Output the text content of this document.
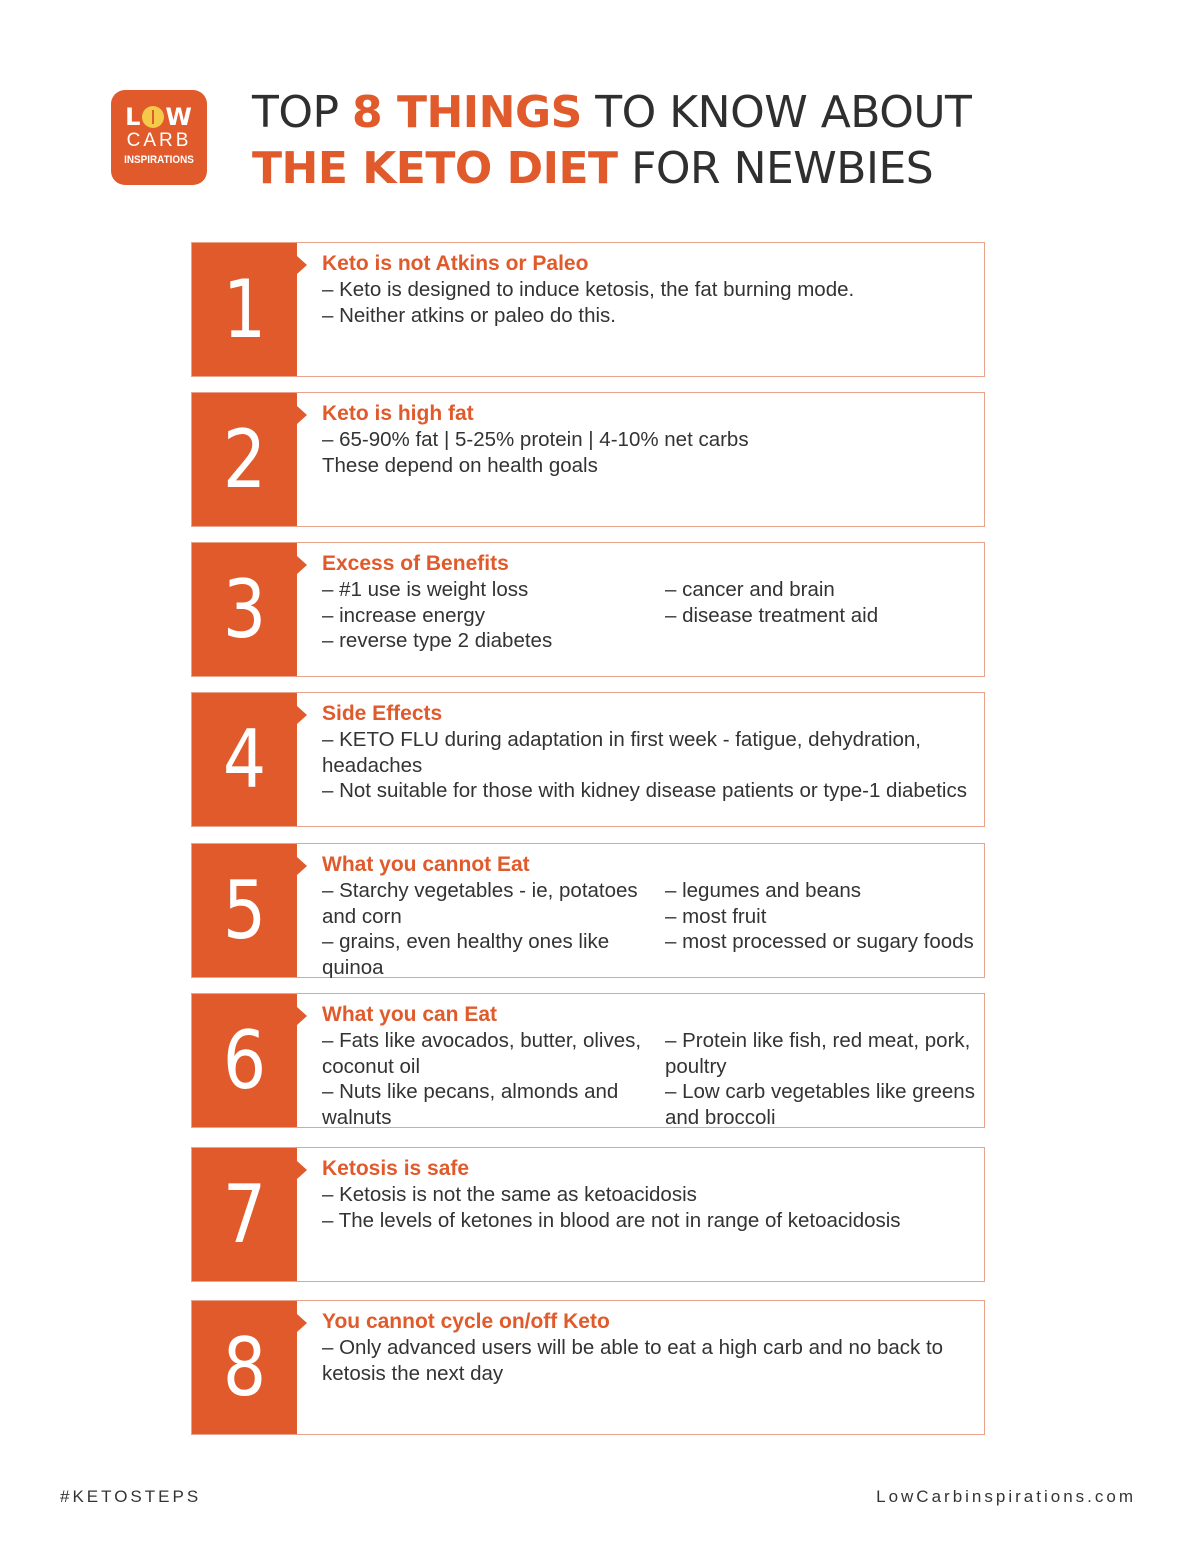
L W
CARB
INSPIRATIONS
TOP 8 THINGS TO KNOW ABOUT
THE KETO DIET FOR NEWBIES
1	Keto is not Atkins or Paleo
– Keto is designed to induce ketosis, the fat burning mode.
– Neither atkins or paleo do this.
2	Keto is high fat
– 65-90% fat | 5-25% protein | 4-10% net carbs
These depend on health goals
3	Excess of Benefits
– #1 use is weight loss
– increase energy
– reverse type 2 diabetes
– cancer and brain
– disease treatment aid
4	Side Effects
– KETO FLU during adaptation in first week - fatigue, dehydration, headaches
– Not suitable for those with kidney disease patients or type-1 diabetics
5	What you cannot Eat
– Starchy vegetables - ie, potatoes and corn
– grains, even healthy ones like quinoa
– legumes and beans
– most fruit
– most processed or sugary foods
6	What you can Eat
– Fats like avocados, butter, olives, coconut oil
– Nuts like pecans, almonds and walnuts
– Protein like fish, red meat, pork, poultry
– Low carb vegetables like greens and broccoli
7	Ketosis is safe
– Ketosis is not the same as ketoacidosis
– The levels of ketones in blood are not in range of ketoacidosis
8	You cannot cycle on/off Keto
– Only advanced users will be able to eat a high carb and no back to ketosis the next day
#KETOSTEPS	LowCarbinspirations.com
